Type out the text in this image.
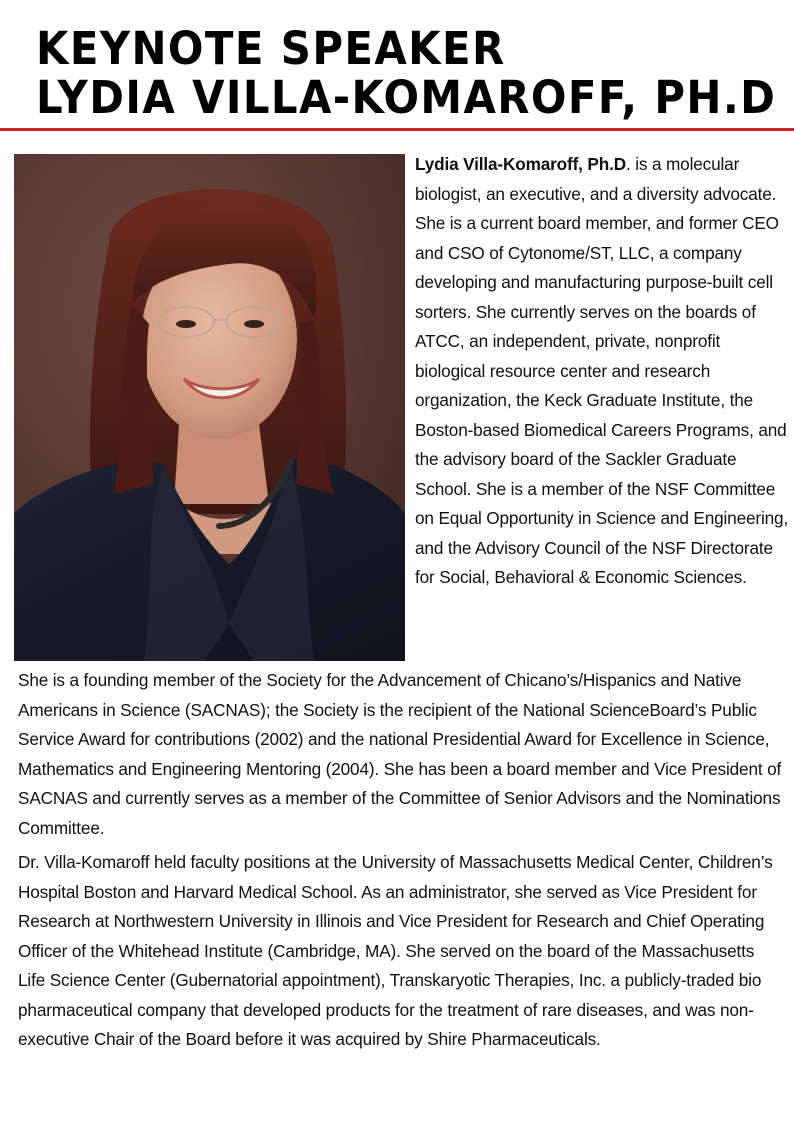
KEYNOTE SPEAKER
LYDIA VILLA-KOMAROFF, PH.D
Lydia Villa-Komaroff, Ph.D. is a molecular biologist, an executive, and a diversity advocate. She is a current board member, and former CEO and CSO of Cytonome/ST, LLC, a company developing and manufacturing purpose-built cell sorters. She currently serves on the boards of ATCC, an independent, private, nonprofit biological resource center and research organization, the Keck Graduate Institute, the Boston-based Biomedical Careers Programs, and the advisory board of the Sackler Graduate School. She is a member of the NSF Committee on Equal Opportunity in Science and Engineering, and the Advisory Council of the NSF Directorate for Social, Behavioral & Economic Sciences.
She is a founding member of the Society for the Advancement of Chicano’s/Hispanics and Native Americans in Science (SACNAS); the Society is the recipient of the National ScienceBoard’s Public Service Award for contributions (2002) and the national Presidential Award for Excellence in Science, Mathematics and Engineering Mentoring (2004). She has been a board member and Vice President of SACNAS and currently serves as a member of the Committee of Senior Advisors and the Nominations Committee.
Dr. Villa-Komaroff held faculty positions at the University of Massachusetts Medical Center, Children’s Hospital Boston and Harvard Medical School. As an administrator, she served as Vice President for Research at Northwestern University in Illinois and Vice President for Research and Chief Operating Officer of the Whitehead Institute (Cambridge, MA). She served on the board of the Massachusetts Life Science Center (Gubernatorial appointment), Transkaryotic Therapies, Inc. a publicly-traded bio pharmaceutical company that developed products for the treatment of rare diseases, and was non-executive Chair of the Board before it was acquired by Shire Pharmaceuticals.
